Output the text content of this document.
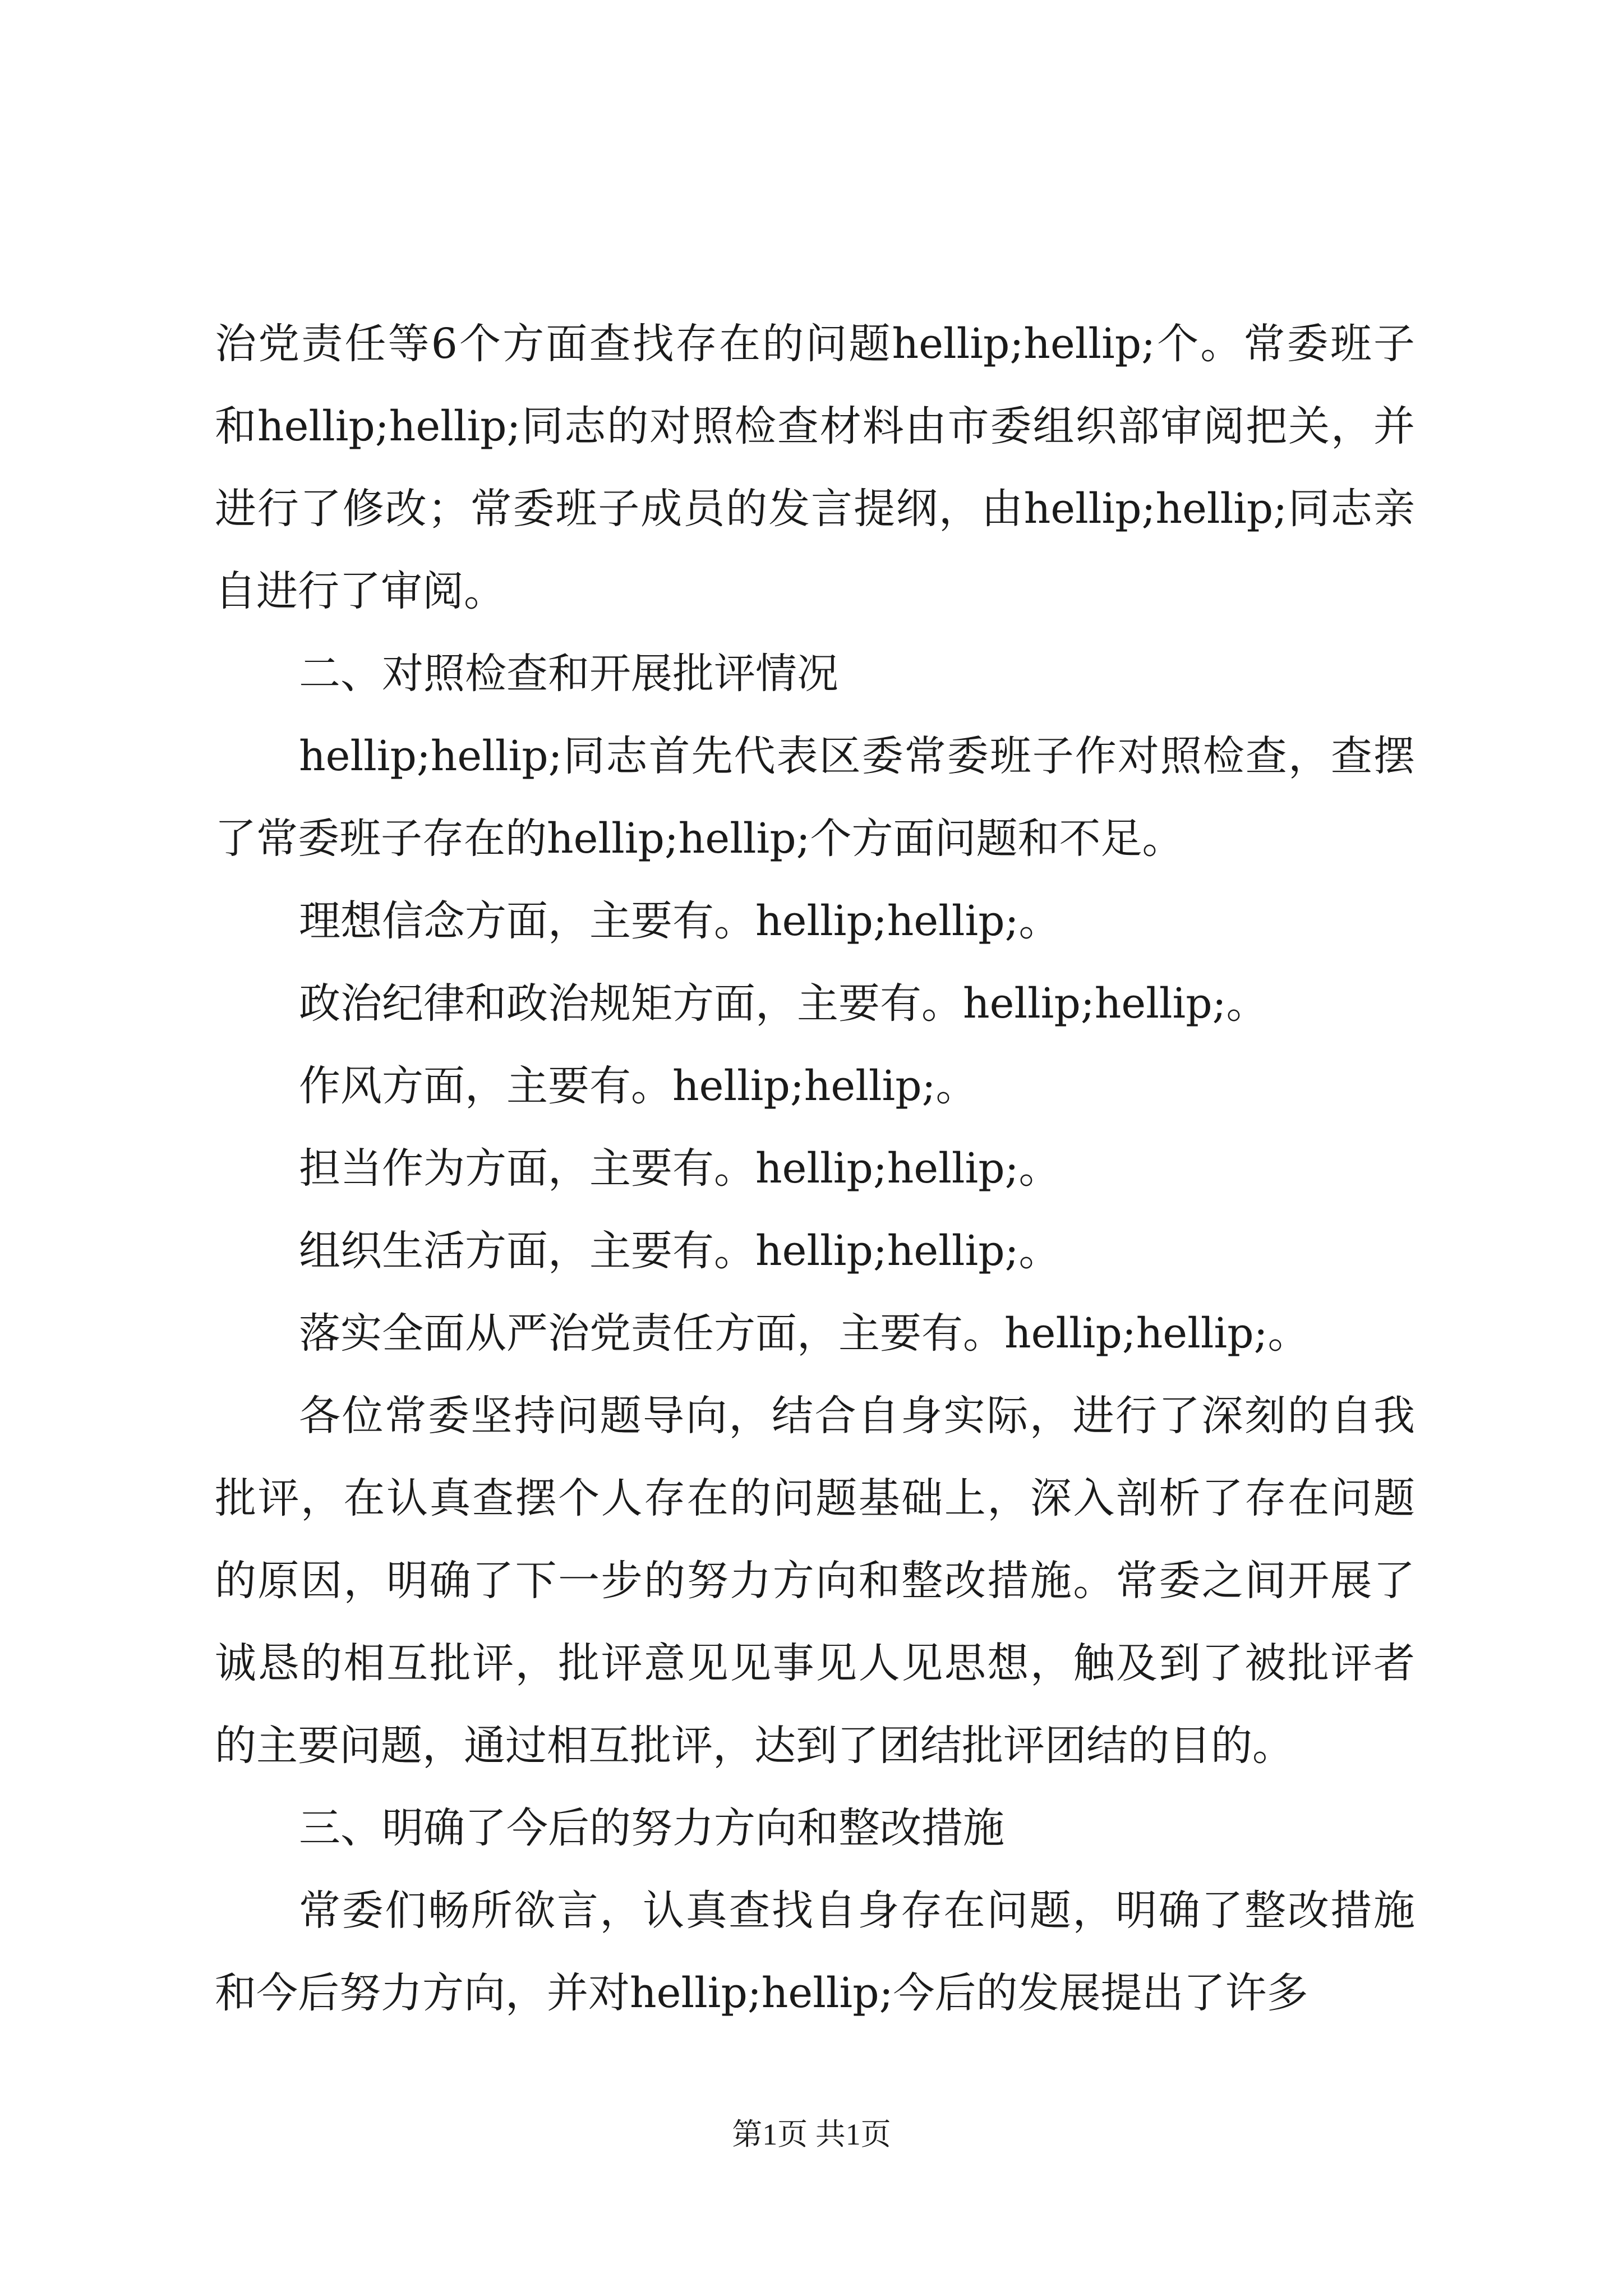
治党责任等6个方面查找存在的问题hellip;hellip;个。常委班子和hellip;hellip;同志的对照检查材料由市委组织部审阅把关，并进行了修改；常委班子成员的发言提纲，由hellip;hellip;同志亲自进行了审阅。

二、对照检查和开展批评情况

hellip;hellip;同志首先代表区委常委班子作对照检查，查摆了常委班子存在的hellip;hellip;个方面问题和不足。

理想信念方面，主要有。hellip;hellip;。

政治纪律和政治规矩方面，主要有。hellip;hellip;。

作风方面，主要有。hellip;hellip;。

担当作为方面，主要有。hellip;hellip;。

组织生活方面，主要有。hellip;hellip;。

落实全面从严治党责任方面，主要有。hellip;hellip;。

各位常委坚持问题导向，结合自身实际，进行了深刻的自我批评，在认真查摆个人存在的问题基础上，深入剖析了存在问题的原因，明确了下一步的努力方向和整改措施。常委之间开展了诚恳的相互批评，批评意见见事见人见思想，触及到了被批评者的主要问题，通过相互批评，达到了团结批评团结的目的。

三、明确了今后的努力方向和整改措施

常委们畅所欲言，认真查找自身存在问题，明确了整改措施和今后努力方向，并对hellip;hellip;今后的发展提出了许多

第1页 共1页
